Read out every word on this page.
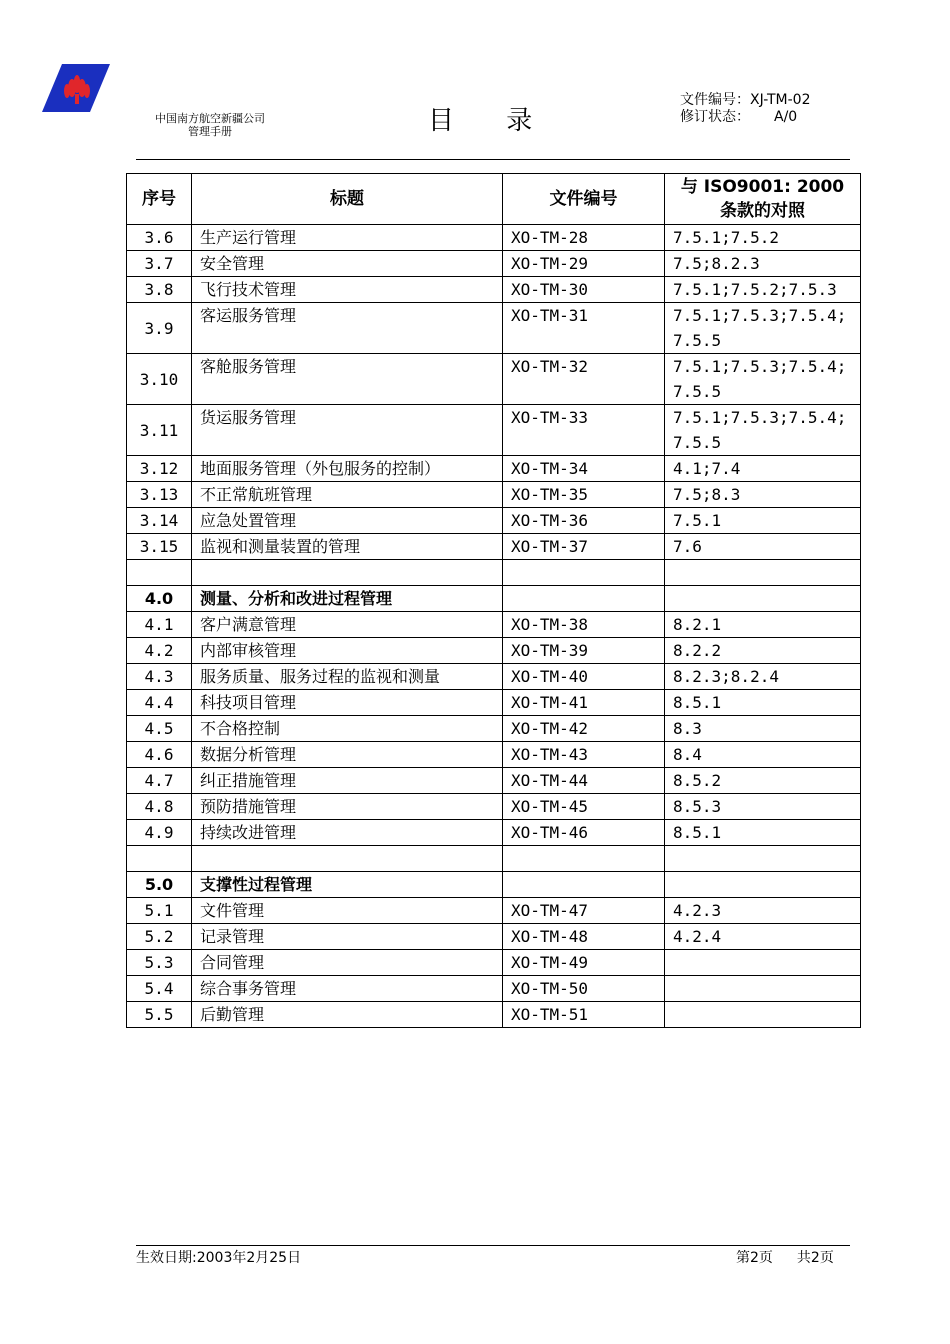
中国南方航空新疆公司
管理手册	目 录
文件编号：XJ-TM-02
修订状态： A/0
序号	标题	文件编号	与 ISO9001: 2000 条款的对照
3.6	生产运行管理	XO-TM-28	7.5.1;7.5.2
3.7	安全管理	XO-TM-29	7.5;8.2.3
3.8	飞行技术管理	XO-TM-30	7.5.1;7.5.2;7.5.3
3.9	客运服务管理	XO-TM-31	7.5.1;7.5.3;7.5.4;7.5.5
3.10	客舱服务管理	XO-TM-32	7.5.1;7.5.3;7.5.4;7.5.5
3.11	货运服务管理	XO-TM-33	7.5.1;7.5.3;7.5.4;7.5.5
3.12	地面服务管理（外包服务的控制）	XO-TM-34	4.1;7.4
3.13	不正常航班管理	XO-TM-35	7.5;8.3
3.14	应急处置管理	XO-TM-36	7.5.1
3.15	监视和测量装置的管理	XO-TM-37	7.6

4.0	测量、分析和改进过程管理		
4.1	客户满意管理	XO-TM-38	8.2.1
4.2	内部审核管理	XO-TM-39	8.2.2
4.3	服务质量、服务过程的监视和测量	XO-TM-40	8.2.3;8.2.4
4.4	科技项目管理	XO-TM-41	8.5.1
4.5	不合格控制	XO-TM-42	8.3
4.6	数据分析管理	XO-TM-43	8.4
4.7	纠正措施管理	XO-TM-44	8.5.2
4.8	预防措施管理	XO-TM-45	8.5.3
4.9	持续改进管理	XO-TM-46	8.5.1

5.0	支撑性过程管理		
5.1	文件管理	XO-TM-47	4.2.3
5.2	记录管理	XO-TM-48	4.2.4
5.3	合同管理	XO-TM-49	
5.4	综合事务管理	XO-TM-50	
5.5	后勤管理	XO-TM-51	
生效日期:2003年2月25日	第2页 共2页
